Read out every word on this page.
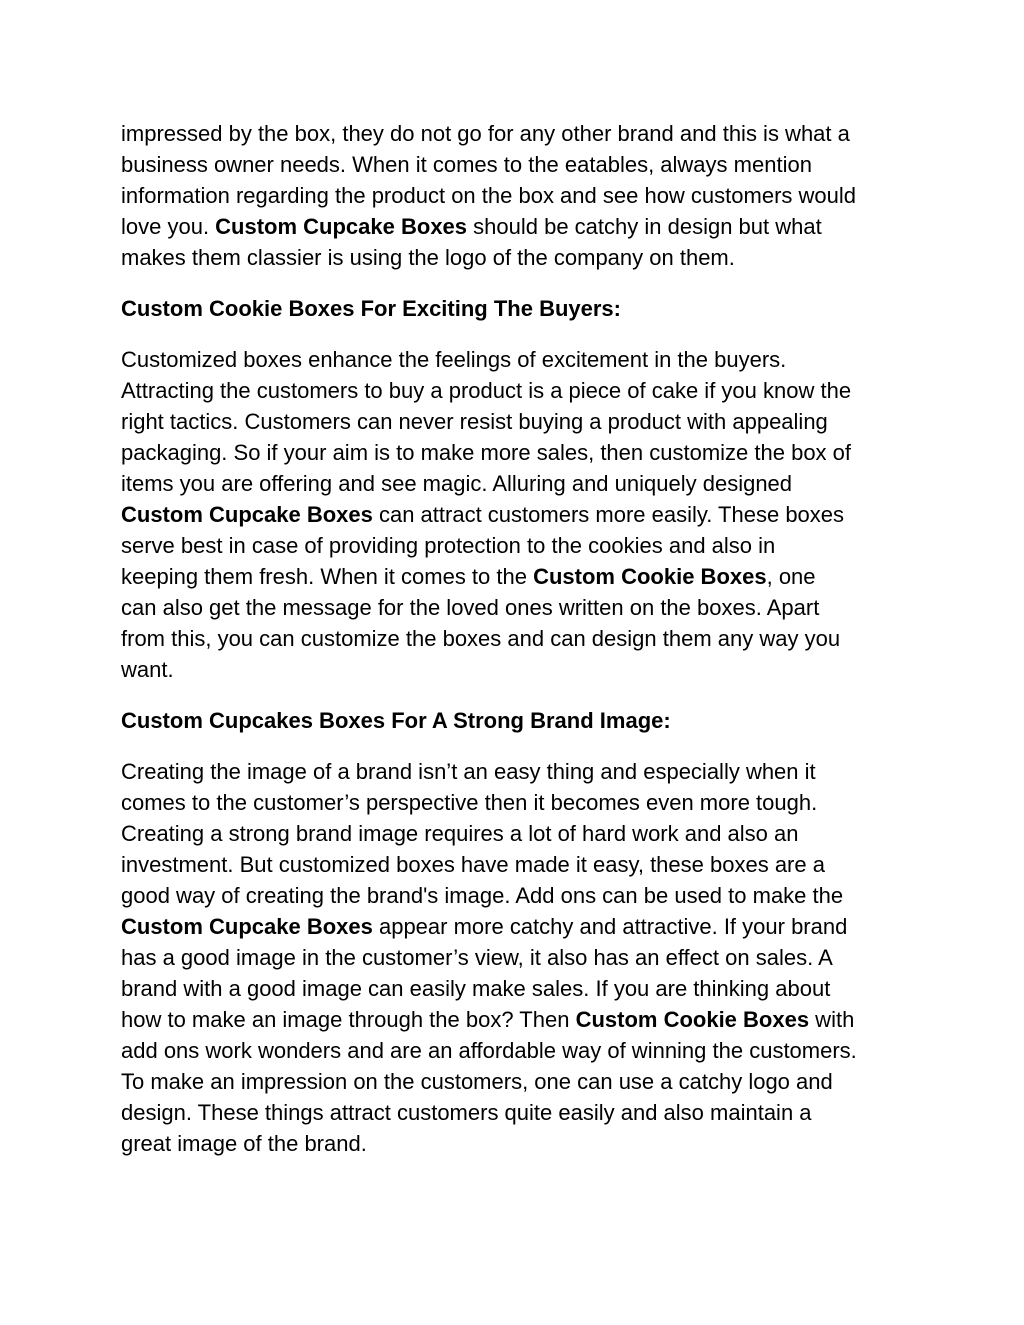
impressed by the box, they do not go for any other brand and this is what a
business owner needs. When it comes to the eatables, always mention
information regarding the product on the box and see how customers would
love you. Custom Cupcake Boxes should be catchy in design but what
makes them classier is using the logo of the company on them.
Custom Cookie Boxes For Exciting The Buyers:
Customized boxes enhance the feelings of excitement in the buyers.
Attracting the customers to buy a product is a piece of cake if you know the
right tactics. Customers can never resist buying a product with appealing
packaging. So if your aim is to make more sales, then customize the box of
items you are offering and see magic. Alluring and uniquely designed
Custom Cupcake Boxes can attract customers more easily. These boxes
serve best in case of providing protection to the cookies and also in
keeping them fresh. When it comes to the Custom Cookie Boxes, one
can also get the message for the loved ones written on the boxes. Apart
from this, you can customize the boxes and can design them any way you
want.
Custom Cupcakes Boxes For A Strong Brand Image:
Creating the image of a brand isn’t an easy thing and especially when it
comes to the customer’s perspective then it becomes even more tough.
Creating a strong brand image requires a lot of hard work and also an
investment. But customized boxes have made it easy, these boxes are a
good way of creating the brand's image. Add ons can be used to make the
Custom Cupcake Boxes appear more catchy and attractive. If your brand
has a good image in the customer’s view, it also has an effect on sales. A
brand with a good image can easily make sales. If you are thinking about
how to make an image through the box? Then Custom Cookie Boxes with
add ons work wonders and are an affordable way of winning the customers.
To make an impression on the customers, one can use a catchy logo and
design. These things attract customers quite easily and also maintain a
great image of the brand.
